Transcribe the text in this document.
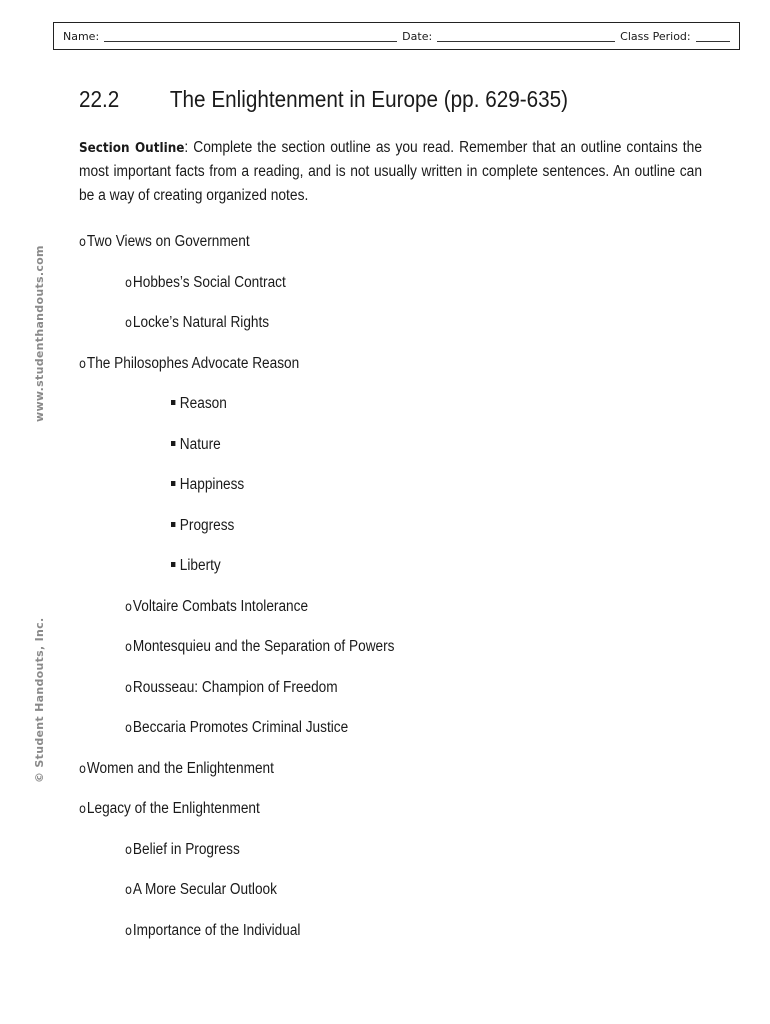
Name:	Date:	Class Period:
www.studenthandouts.com
© Student Handouts, Inc.
22.2 The Enlightenment in Europe (pp. 629-635)
Section Outline: Complete the section outline as you read. Remember that an outline contains the most important facts from a reading, and is not usually written in complete sentences. An outline can be a way of creating organized notes.
oTwo Views on Government
oHobbes’s Social Contract
oLocke’s Natural Rights
oThe Philosophes Advocate Reason
Reason
Nature
Happiness
Progress
Liberty
oVoltaire Combats Intolerance
oMontesquieu and the Separation of Powers
oRousseau: Champion of Freedom
oBeccaria Promotes Criminal Justice
oWomen and the Enlightenment
oLegacy of the Enlightenment
oBelief in Progress
oA More Secular Outlook
oImportance of the Individual
